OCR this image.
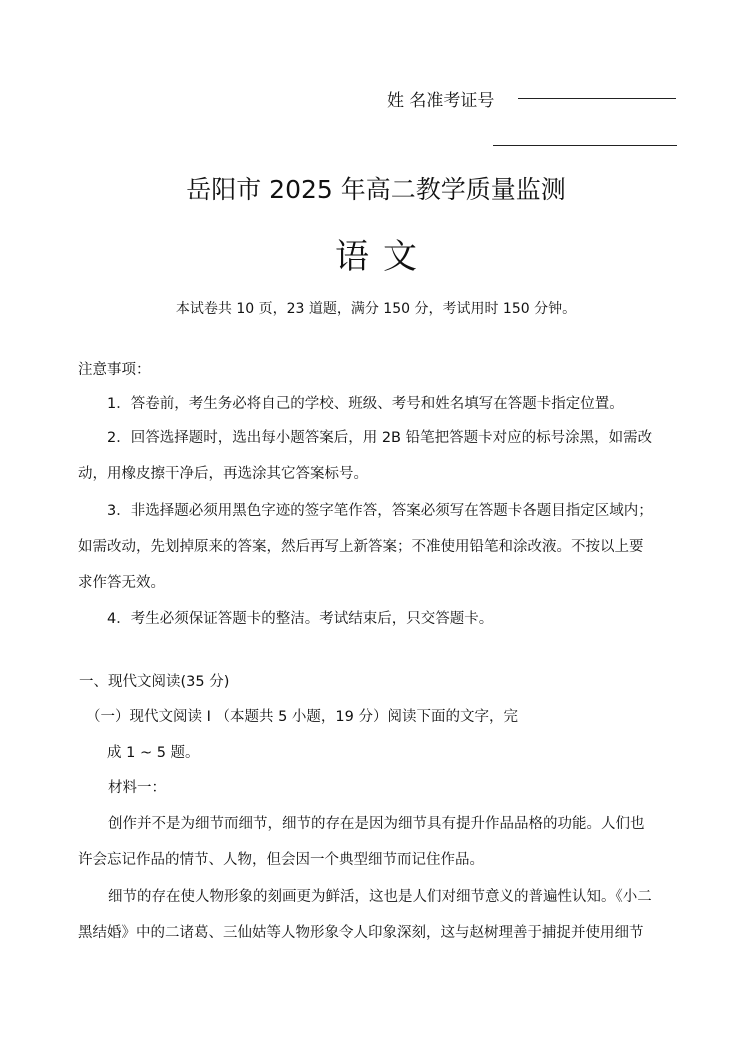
姓 名准考证号
岳阳市 2025 年高二教学质量监测
语文
本试卷共 10 页，23 道题，满分 150 分，考试用时 150 分钟。
注意事项：
1．答卷前，考生务必将自己的学校、班级、考号和姓名填写在答题卡指定位置。
2．回答选择题时，选出每小题答案后，用 2B 铅笔把答题卡对应的标号涂黑，如需改
动，用橡皮擦干净后，再选涂其它答案标号。
3．非选择题必须用黑色字迹的签字笔作答，答案必须写在答题卡各题目指定区域内；
如需改动，先划掉原来的答案，然后再写上新答案；不准使用铅笔和涂改液。不按以上要
求作答无效。
4．考生必须保证答题卡的整洁。考试结束后，只交答题卡。
一、现代文阅读(35 分)
（一）现代文阅读 I （本题共 5 小题，19 分）阅读下面的文字，完
成 1 ~ 5 题。
材料一：
创作并不是为细节而细节，细节的存在是因为细节具有提升作品品格的功能。人们也
许会忘记作品的情节、人物，但会因一个典型细节而记住作品。
细节的存在使人物形象的刻画更为鲜活，这也是人们对细节意义的普遍性认知。《小二
黑结婚》中的二诸葛、三仙姑等人物形象令人印象深刻，这与赵树理善于捕捉并使用细节
